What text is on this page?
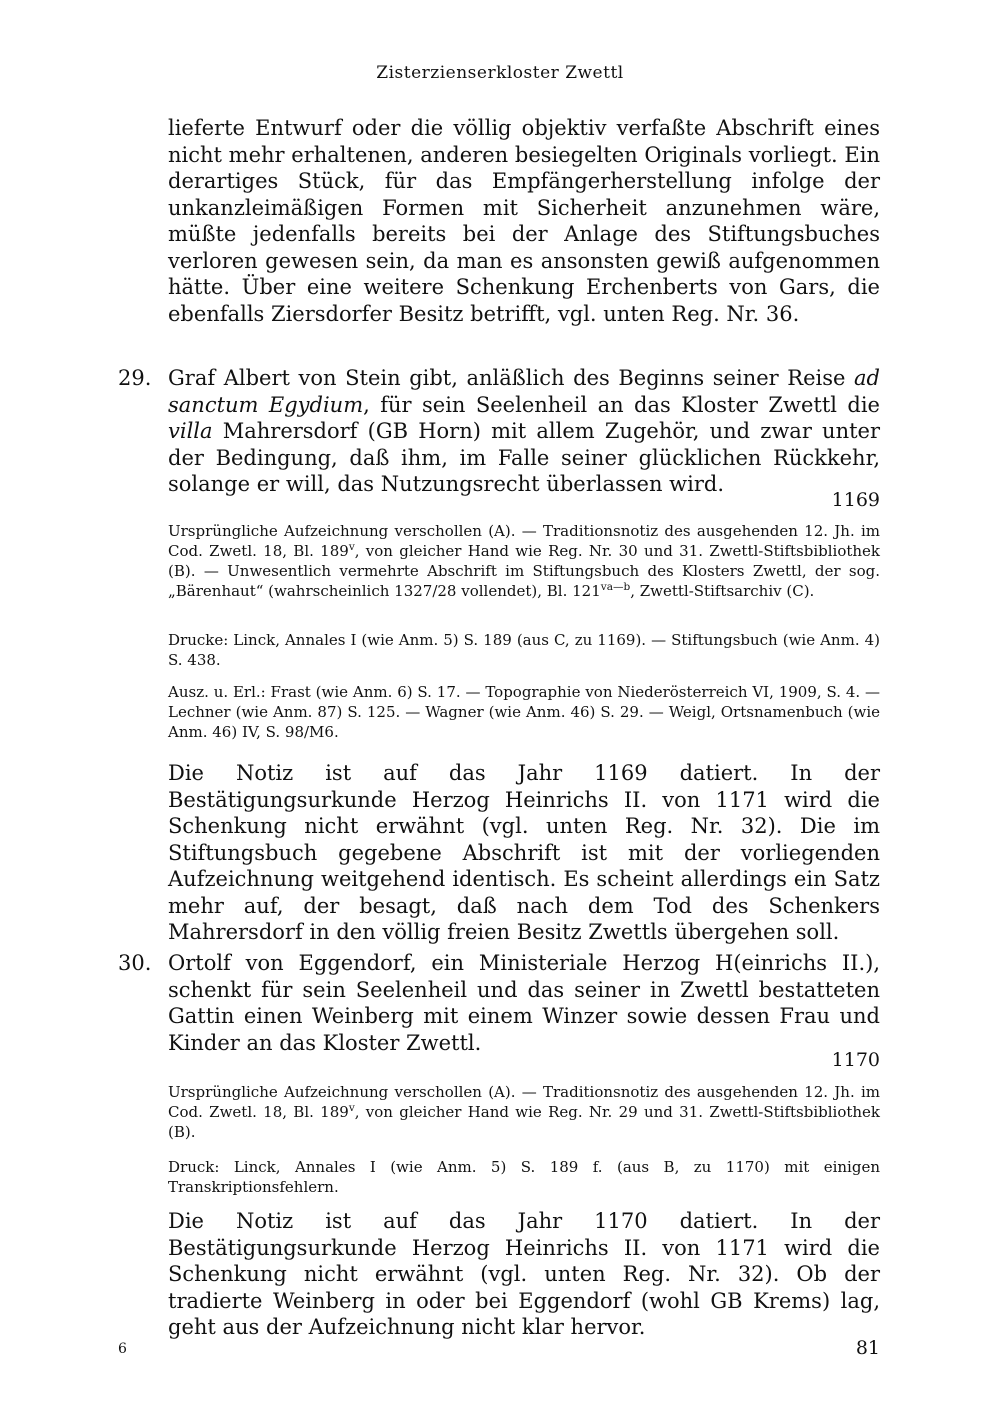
Zisterzienserkloster Zwettl

lieferte Entwurf oder die völlig objektiv verfaßte Abschrift eines nicht mehr erhaltenen, anderen besiegelten Originals vorliegt. Ein derartiges Stück, für das Empfängerherstellung infolge der unkanzleimäßigen Formen mit Sicherheit anzunehmen wäre, müßte jedenfalls bereits bei der Anlage des Stiftungsbuches verloren gewesen sein, da man es ansonsten gewiß aufgenommen hätte. Über eine weitere Schenkung Erchenberts von Gars, die ebenfalls Ziersdorfer Besitz betrifft, vgl. unten Reg. Nr. 36.

29. Graf Albert von Stein gibt, anläßlich des Beginns seiner Reise ad sanctum Egydium, für sein Seelenheil an das Kloster Zwettl die villa Mahrersdorf (GB Horn) mit allem Zugehör, und zwar unter der Bedingung, daß ihm, im Falle seiner glücklichen Rückkehr, solange er will, das Nutzungsrecht überlassen wird.

1169

Ursprüngliche Aufzeichnung verschollen (A). — Traditionsnotiz des ausgehenden 12. Jh. im Cod. Zwetl. 18, Bl. 189$^v$, von gleicher Hand wie Reg. Nr. 30 und 31. Zwettl-Stiftsbibliothek (B). — Unwesentlich vermehrte Abschrift im Stiftungsbuch des Klosters Zwettl, der sog. „Bärenhaut“ (wahrscheinlich 1327/28 vollendet), Bl. $121^{va—b}$, Zwettl-Stiftsarchiv (C).

Drucke: Linck, Annales I (wie Anm. 5) S. 189 (aus C, zu 1169). — Stiftungsbuch (wie Anm. 4) S. 438.

Ausz. u. Erl.: Frast (wie Anm. 6) S. 17. — Topographie von Niederösterreich VI, 1909, S. 4. — Lechner (wie Anm. 87) S. 125. — Wagner (wie Anm. 46) S. 29. — Weigl, Ortsnamenbuch (wie Anm. 46) IV, S. 98/M6.

Die Notiz ist auf das Jahr 1169 datiert. In der Bestätigungsurkunde Herzog Heinrichs II. von 1171 wird die Schenkung nicht erwähnt (vgl. unten Reg. Nr. 32). Die im Stiftungsbuch gegebene Abschrift ist mit der vorliegenden Aufzeichnung weitgehend identisch. Es scheint allerdings ein Satz mehr auf, der besagt, daß nach dem Tod des Schenkers Mahrersdorf in den völlig freien Besitz Zwettls übergehen soll.

30. Ortolf von Eggendorf, ein Ministeriale Herzog H(einrichs II.), schenkt für sein Seelenheil und das seiner in Zwettl bestatteten Gattin einen Weinberg mit einem Winzer sowie dessen Frau und Kinder an das Kloster Zwettl.

1170

Ursprüngliche Aufzeichnung verschollen (A). — Traditionsnotiz des ausgehenden 12. Jh. im Cod. Zwetl. 18, Bl. 189$^v$, von gleicher Hand wie Reg. Nr. 29 und 31. Zwettl-Stiftsbibliothek (B).

Druck: Linck, Annales I (wie Anm. 5) S. 189 f. (aus B, zu 1170) mit einigen Transkriptionsfehlern.

Die Notiz ist auf das Jahr 1170 datiert. In der Bestätigungsurkunde Herzog Heinrichs II. von 1171 wird die Schenkung nicht erwähnt (vgl. unten Reg. Nr. 32). Ob der tradierte Weinberg in oder bei Eggendorf (wohl GB Krems) lag, geht aus der Aufzeichnung nicht klar hervor.

6	81
